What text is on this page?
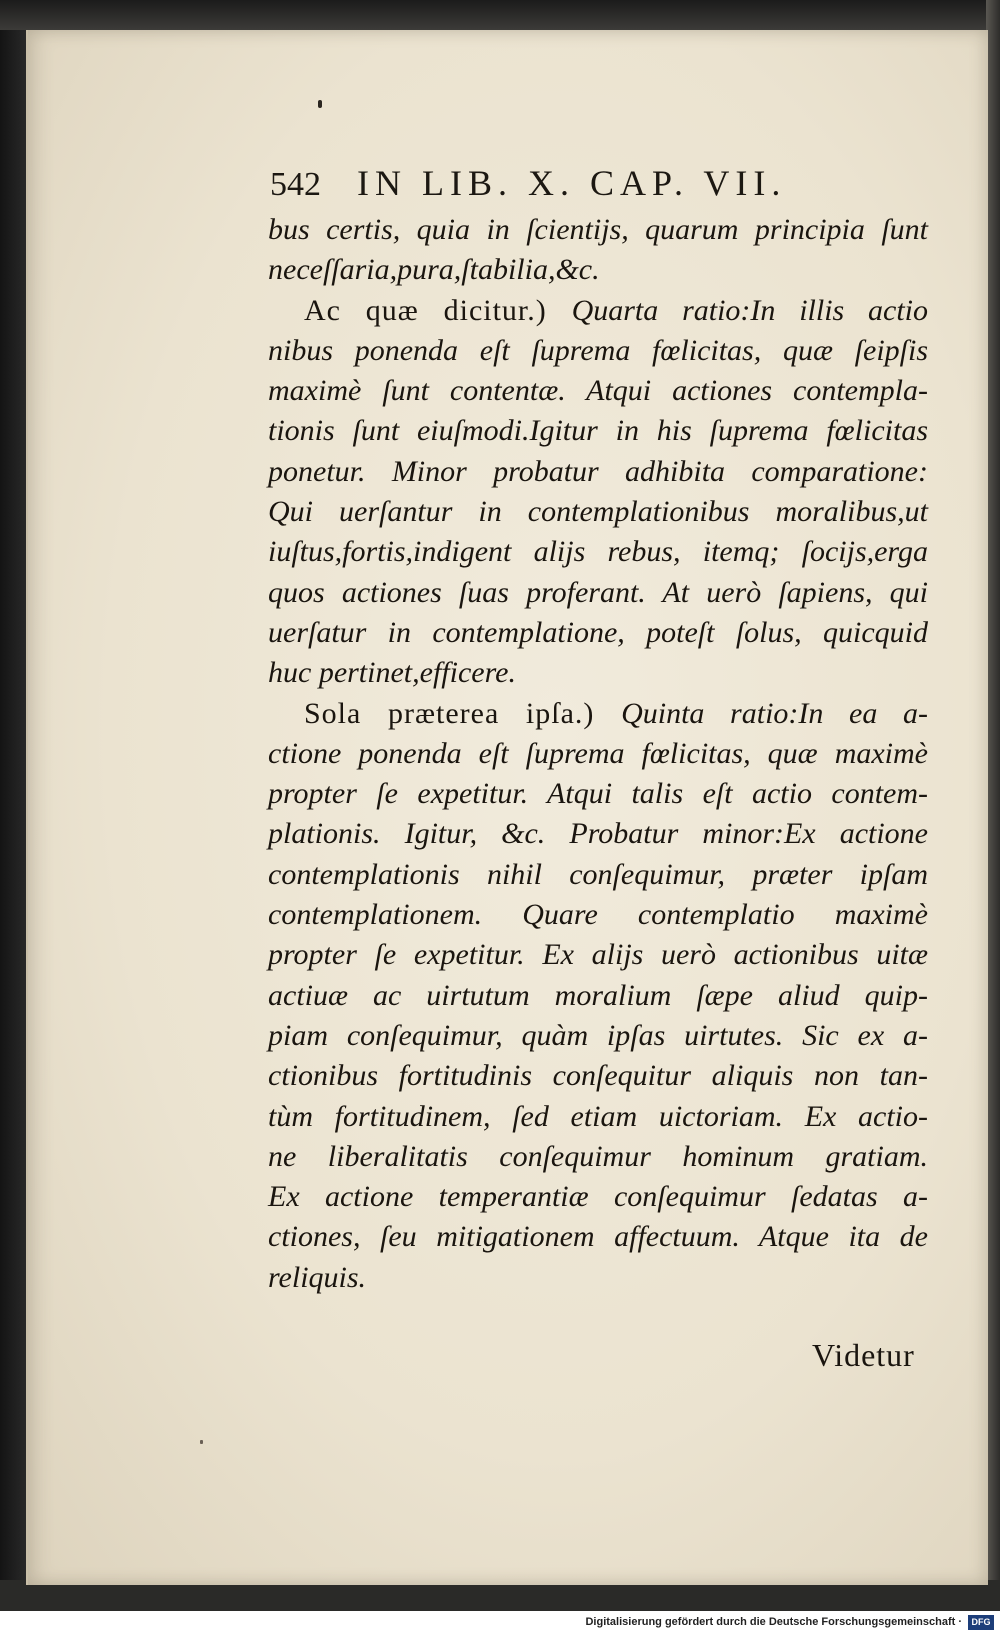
542 IN LIB. X. CAP. VII.
bus certis, quia in ſcientijs, quarum principia ſunt
neceſſaria,pura,ſtabilia,&c.
Ac quæ dicitur.) Quarta ratio:In illis actio
nibus ponenda eſt ſuprema fœlicitas, quæ ſeipſis
maximè ſunt contentæ. Atqui actiones contempla-
tionis ſunt eiuſmodi.Igitur in his ſuprema fœlicitas
ponetur. Minor probatur adhibita comparatione:
Qui uerſantur in contemplationibus moralibus,ut
iuſtus,fortis,indigent alijs rebus, itemq; ſocijs,erga
quos actiones ſuas proferant. At uerò ſapiens, qui
uerſatur in contemplatione, poteſt ſolus, quicquid
huc pertinet,efficere.
Sola præterea ipſa.) Quinta ratio:In ea a-
ctione ponenda eſt ſuprema fœlicitas, quæ maximè
propter ſe expetitur. Atqui talis eſt actio contem-
plationis. Igitur, &c. Probatur minor:Ex actione
contemplationis nihil conſequimur, præter ipſam
contemplationem. Quare contemplatio maximè
propter ſe expetitur. Ex alijs uerò actionibus uitæ
actiuæ ac uirtutum moralium ſæpe aliud quip-
piam conſequimur, quàm ipſas uirtutes. Sic ex a-
ctionibus fortitudinis conſequitur aliquis non tan-
tùm fortitudinem, ſed etiam uictoriam. Ex actio-
ne liberalitatis conſequimur hominum gratiam.
Ex actione temperantiæ conſequimur ſedatas a-
ctiones, ſeu mitigationem affectuum. Atque ita de
reliquis.
Videtur
Digitalisierung gefördert durch die Deutsche Forschungsgemeinschaft ·	DFG
